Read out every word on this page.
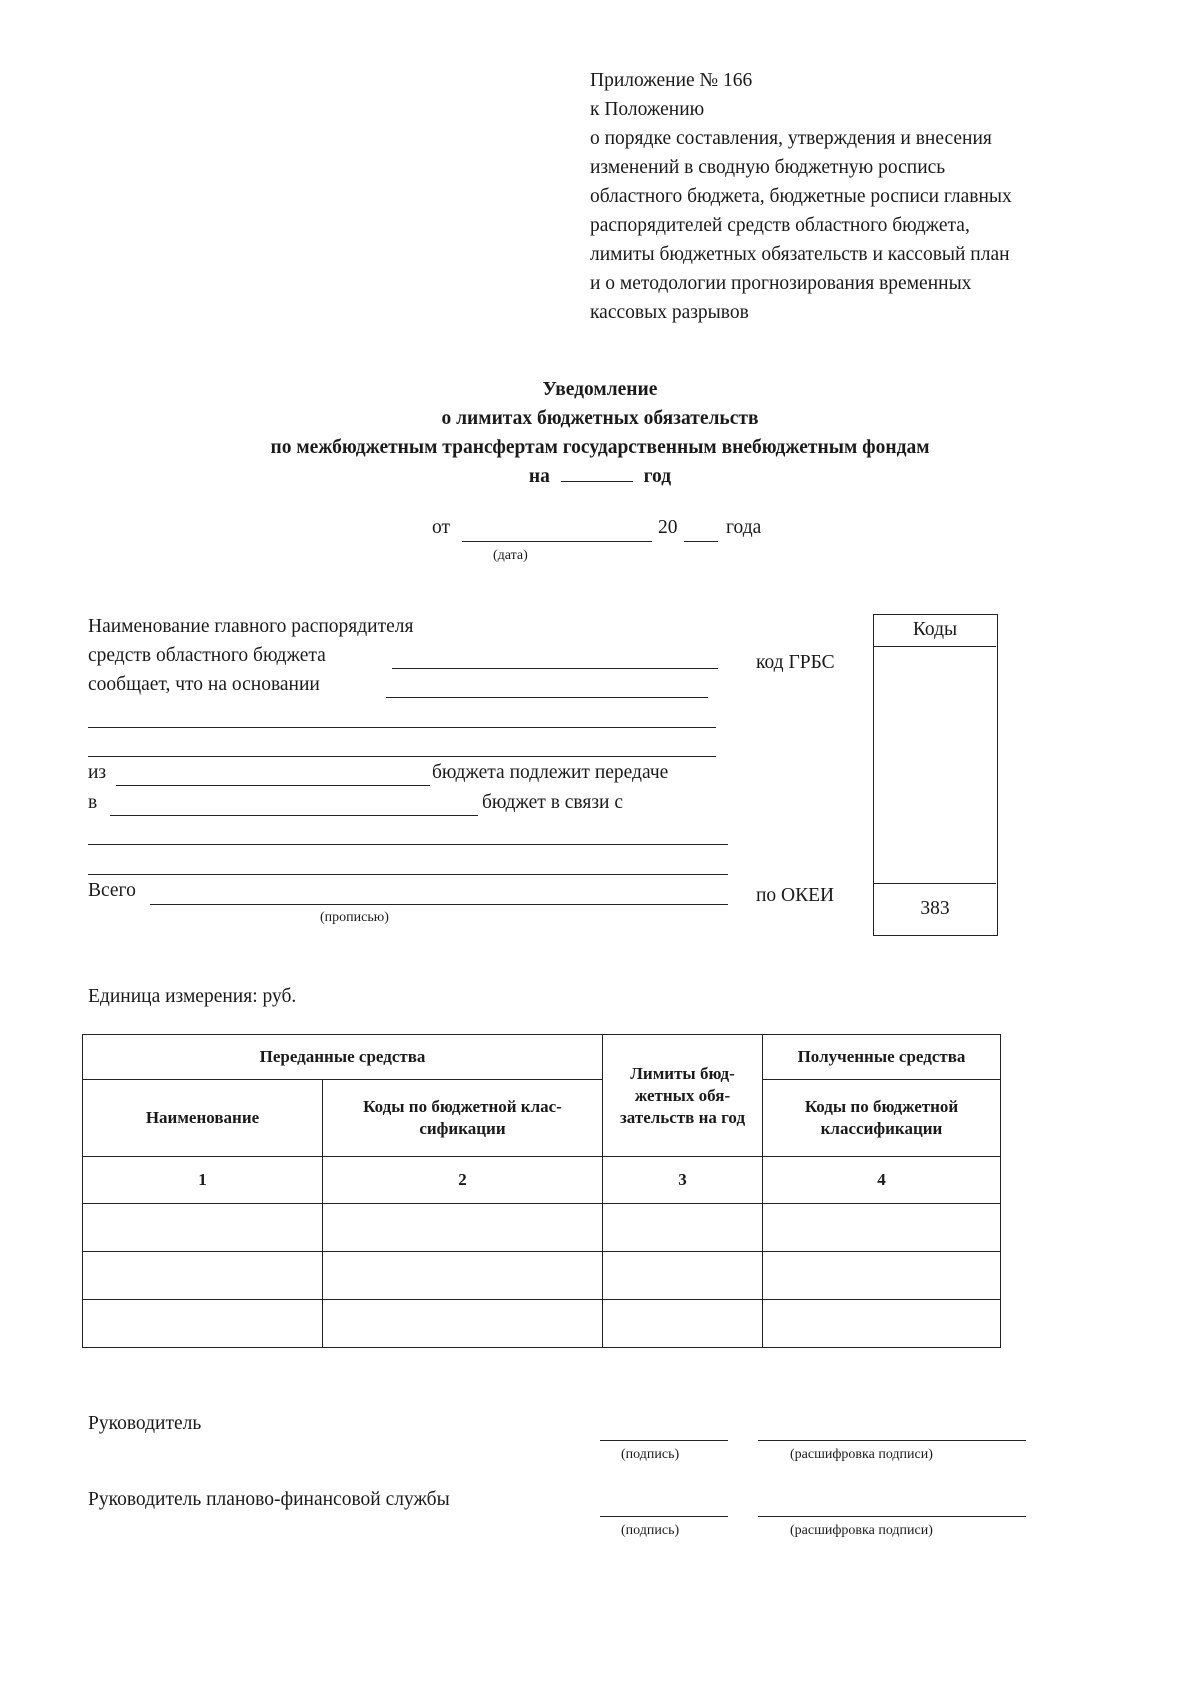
Приложение № 166
к Положению
о порядке составления, утверждения и внесения
изменений в сводную бюджетную роспись
областного бюджета, бюджетные росписи главных
распорядителей средств областного бюджета,
лимиты бюджетных обязательств и кассовый план
и о методологии прогнозирования временных
кассовых разрывов
Уведомление
о лимитах бюджетных обязательств
по межбюджетным трансфертам государственным внебюджетным фондам
на	год
от	20 года
(дата)
Наименование главного распорядителя
средств областного бюджета
сообщает, что на основании
из	бюджета подлежит передаче
в	бюджет в связи с
Всего
(прописью)
код ГРБС
по ОКЕИ
Коды
383
Единица измерения: руб.
Переданные средства		Лимиты бюд-жетных обя-зательств на год	Полученные средства
Наименование	Коды по бюджетной клас-сификации		Коды по бюджетной классификации
1	2	3	4

Руководитель
(подпись)	(расшифровка подписи)
Руководитель планово-финансовой службы
(подпись)	(расшифровка подписи)
